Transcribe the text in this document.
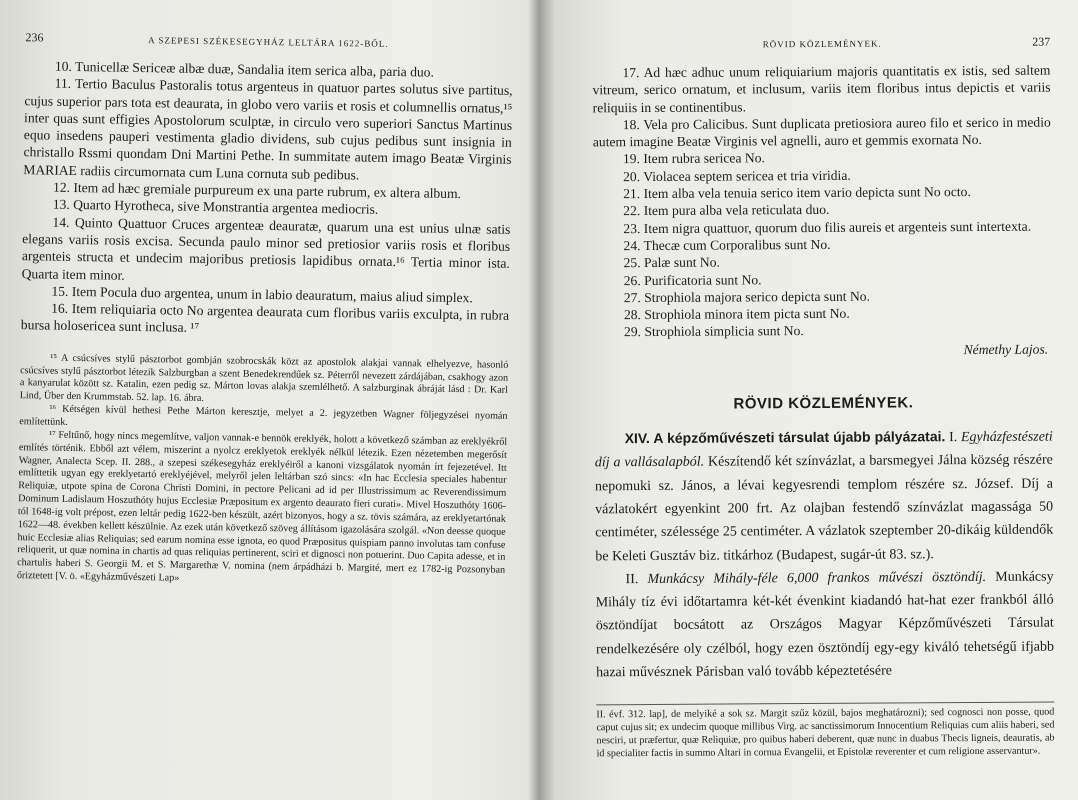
236	A SZEPESI SZÉKESEGYHÁZ LELTÁRA 1622-BŐL.

10. Tunicellæ Sericeæ albæ duæ, Sandalia item serica alba, paria duo.

11. Tertio Baculus Pastoralis totus argenteus in quatuor partes solutus sive partitus, cujus superior pars tota est deaurata, in globo vero variis et rosis et columnellis ornatus,¹⁵ inter quas sunt effigies Apostolorum sculptæ, in circulo vero superiori Sanctus Martinus equo insedens pauperi vestimenta gladio dividens, sub cujus pedibus sunt insignia in christallo Rssmi quondam Dni Martini Pethe. In summitate autem imago Beatæ Virginis MARIAE radiis circumornata cum Luna cornuta sub pedibus.

12. Item ad hæc gremiale purpureum ex una parte rubrum, ex altera album.

13. Quarto Hyrotheca, sive Monstrantia argentea mediocris.

14. Quinto Quattuor Cruces argenteæ deauratæ, quarum una est unius ulnæ satis elegans variis rosis excisa. Secunda paulo minor sed pretiosior variis rosis et floribus argenteis structa et undecim majoribus pretiosis lapidibus ornata.¹⁶ Tertia minor ista. Quarta item minor.

15. Item Pocula duo argentea, unum in labio deauratum, maius aliud simplex.

16. Item reliquiaria octo No argentea deaurata cum floribus variis exculpta, in rubra bursa holosericea sunt inclusa. ¹⁷

¹⁵ A csúcsíves stylű pásztorbot gombján szobrocskák közt az apostolok alakjai vannak elhelyezve, hasonló csúcsíves stylű pásztorbot létezik Salzburgban a szent Benedekrendűek sz. Péterről nevezett zárdájában, csakhogy azon a kanyarulat között sz. Katalin, ezen pedig sz. Márton lovas alakja szemlélhető. A salzburginak ábráját lásd : Dr. Karl Lind, Über den Krummstab. 52. lap. 16. ábra.

¹⁶ Kétségen kívül hethesi Pethe Márton keresztje, melyet a 2. jegyzetben Wagner följegyzései nyomán említettünk.

¹⁷ Feltűnő, hogy nincs megemlítve, valjon vannak-e bennök ereklyék, holott a következő számban az ereklyékről említés történik. Ebből azt vélem, miszerint a nyolcz ereklyetok ereklyék nélkül létezik. Ezen nézetemben megerősít Wagner, Analecta Scep. II. 288., a szepesi székesegyház ereklyéiről a kanoni vizsgálatok nyomán írt fejezetével. Itt említtetik ugyan egy ereklyetartó ereklyéjével, melyről jelen leltárban szó sincs: «In hac Ecclesia speciales habentur Reliquiæ, utpote spina de Corona Christi Domini, in pectore Pelicani ad id per Illustrissimum ac Reverendissimum Dominum Ladislaum Hoszuthóty hujus Ecclesiæ Præpositum ex argento deaurato fieri curati». Mivel Hoszuthóty 1606-tól 1648-ig volt prépost, ezen leltár pedig 1622-ben készült, azért bizonyos, hogy a sz. tövis számára, az ereklyetartónak 1622—48. években kellett készülnie. Az ezek után következő szöveg állításom igazolására szolgál. «Non deesse quoque huic Ecclesiæ alias Reliquias; sed earum nomina esse ignota, eo quod Præpositus quispiam panno involutas tam confuse reliquerit, ut quæ nomina in chartis ad quas reliquias pertinerent, sciri et dignosci non potuerint. Duo Capita adesse, et in chartulis haberi S. Georgii M. et S. Margarethæ V. nomina (nem árpádházi b. Margité, mert ez 1782-ig Pozsonyban őriztetett [V. ö. «Egyházművészeti Lap»

RÖVID KÖZLEMÉNYEK.	237

17. Ad hæc adhuc unum reliquiarium majoris quantitatis ex istis, sed saltem vitreum, serico ornatum, et inclusum, variis item floribus intus depictis et variis reliquiis in se continentibus.

18. Vela pro Calicibus. Sunt duplicata pretiosiora aureo filo et serico in medio autem imagine Beatæ Virginis vel agnelli, auro et gemmis exornata No.

19. Item rubra sericea No.

20. Violacea septem sericea et tria viridia.

21. Item alba vela tenuia serico item vario depicta sunt No octo.

22. Item pura alba vela reticulata duo.

23. Item nigra quattuor, quorum duo filis aureis et argenteis sunt intertexta.

24. Thecæ cum Corporalibus sunt No.

25. Palæ sunt No.

26. Purificatoria sunt No.

27. Strophiola majora serico depicta sunt No.

28. Strophiola minora item picta sunt No.

29. Strophiola simplicia sunt No.

Némethy Lajos.

RÖVID KÖZLEMÉNYEK.

XIV. A képzőművészeti társulat újabb pályázatai. I. Egyházfestészeti díj a vallásalapból. Készítendő két színvázlat, a barsmegyei Jálna község részére nepomuki sz. János, a lévai kegyesrendi templom részére sz. József. Díj a vázlatokért egyenkint 200 frt. Az olajban festendő színvázlat magassága 50 centiméter, szélessége 25 centiméter. A vázlatok szeptember 20-dikáig küldendők be Keleti Gusztáv biz. titkárhoz (Budapest, sugár-út 83. sz.).

II. Munkácsy Mihály-féle 6,000 frankos művészi ösztöndíj. Munkácsy Mihály tíz évi időtartamra két-két évenkint kiadandó hat-hat ezer frankból álló ösztöndíjat bocsátott az Országos Magyar Képzőművészeti Társulat rendelkezésére oly czélból, hogy ezen ösztöndíj egy-egy kiváló tehetségű ifjabb hazai művésznek Párisban való tovább képeztetésére

II. évf. 312. lap], de melyiké a sok sz. Margit szűz közül, bajos meghatározni); sed cognosci non posse, quod caput cujus sit; ex undecim quoque millibus Virg. ac sanctissimorum Innocentium Reliquias cum aliis haberi, sed nesciri, ut præfertur, quæ Reliquiæ, pro quibus haberi deberent, quæ nunc in duabus Thecis ligneis, deauratis, ab id specialiter factis in summo Altari in cornua Evangelii, et Epistolæ reverenter et cum religione asservantur».
